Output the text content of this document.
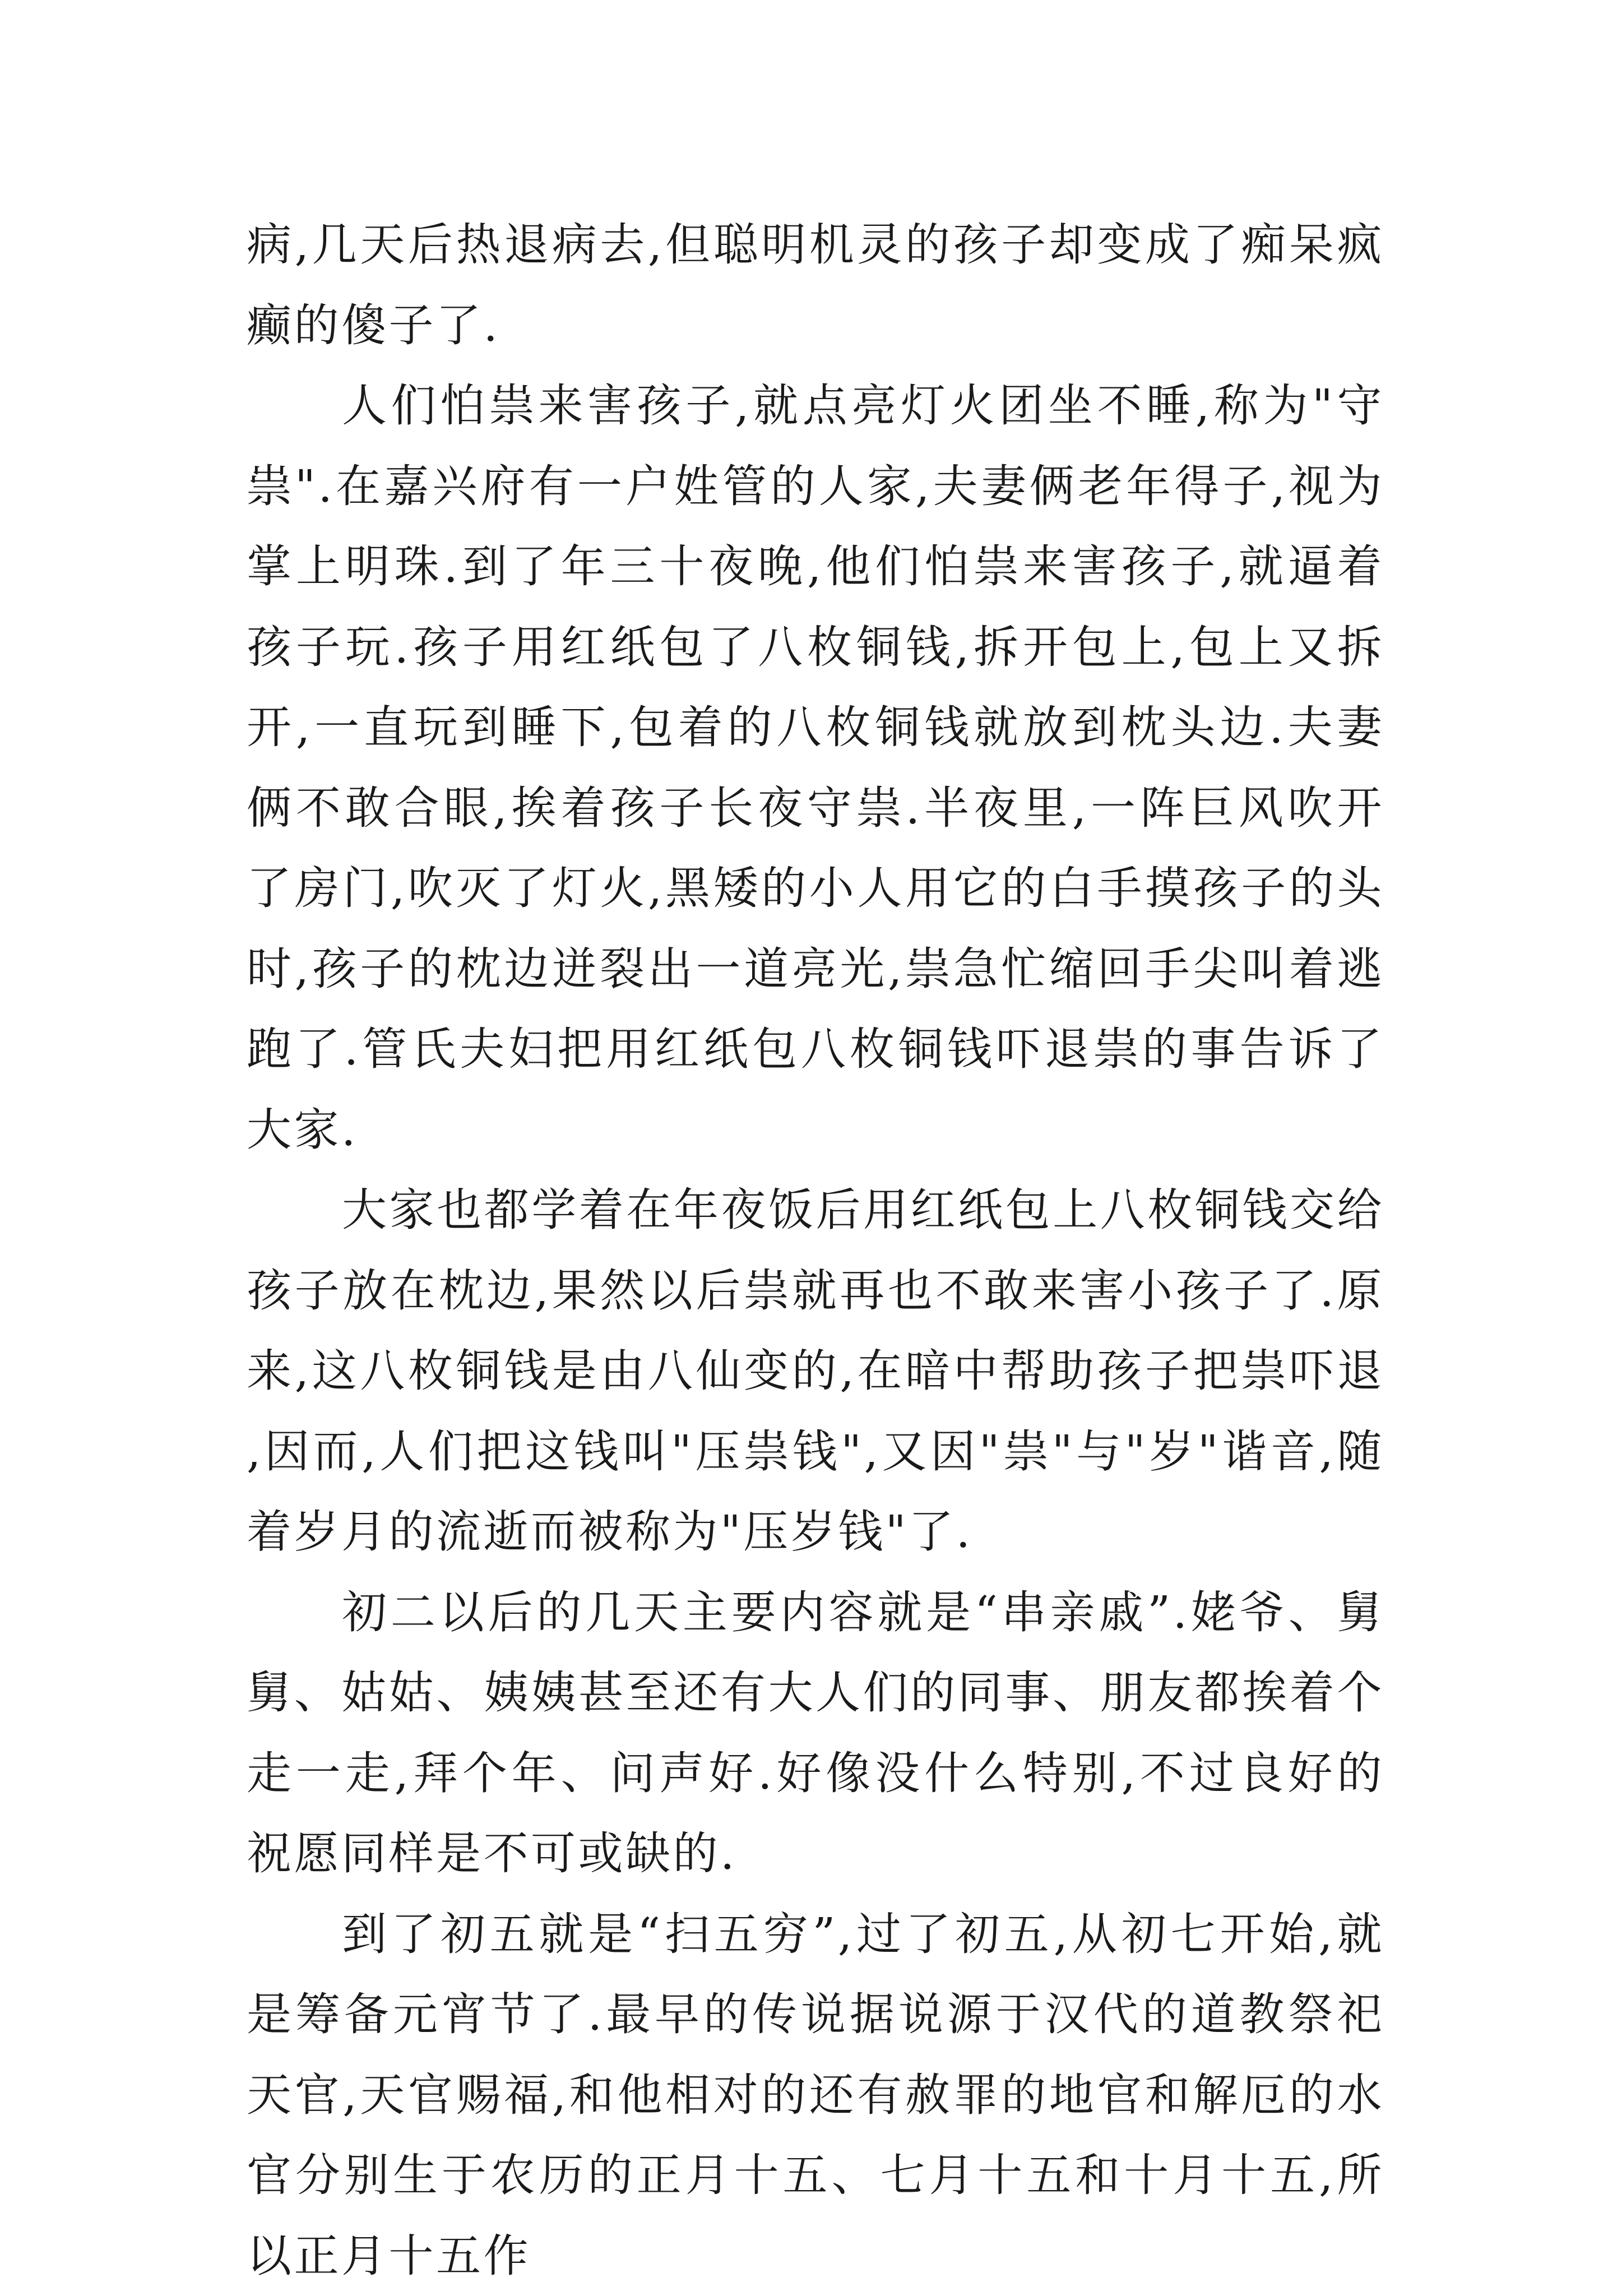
病,几天后热退病去,但聪明机灵的孩子却变成了痴呆疯癫的傻子了.

人们怕祟来害孩子,就点亮灯火团坐不睡,称为"守祟".在嘉兴府有一户姓管的人家,夫妻俩老年得子,视为掌上明珠.到了年三十夜晚,他们怕祟来害孩子,就逼着孩子玩.孩子用红纸包了八枚铜钱,拆开包上,包上又拆开,一直玩到睡下,包着的八枚铜钱就放到枕头边.夫妻俩不敢合眼,挨着孩子长夜守祟.半夜里,一阵巨风吹开了房门,吹灭了灯火,黑矮的小人用它的白手摸孩子的头时,孩子的枕边迸裂出一道亮光,祟急忙缩回手尖叫着逃跑了.管氏夫妇把用红纸包八枚铜钱吓退祟的事告诉了大家.

大家也都学着在年夜饭后用红纸包上八枚铜钱交给孩子放在枕边,果然以后祟就再也不敢来害小孩子了.原来,这八枚铜钱是由八仙变的,在暗中帮助孩子把祟吓退,因而,人们把这钱叫"压祟钱",又因"祟"与"岁"谐音,随着岁月的流逝而被称为"压岁钱"了.

初二以后的几天主要内容就是“串亲戚”.姥爷、舅舅、姑姑、姨姨甚至还有大人们的同事、朋友都挨着个走一走,拜个年、问声好.好像没什么特别,不过良好的祝愿同样是不可或缺的.

到了初五就是“扫五穷”,过了初五,从初七开始,就是筹备元宵节了.最早的传说据说源于汉代的道教祭祀天官,天官赐福,和他相对的还有赦罪的地官和解厄的水官分别生于农历的正月十五、七月十五和十月十五,所以正月十五作
